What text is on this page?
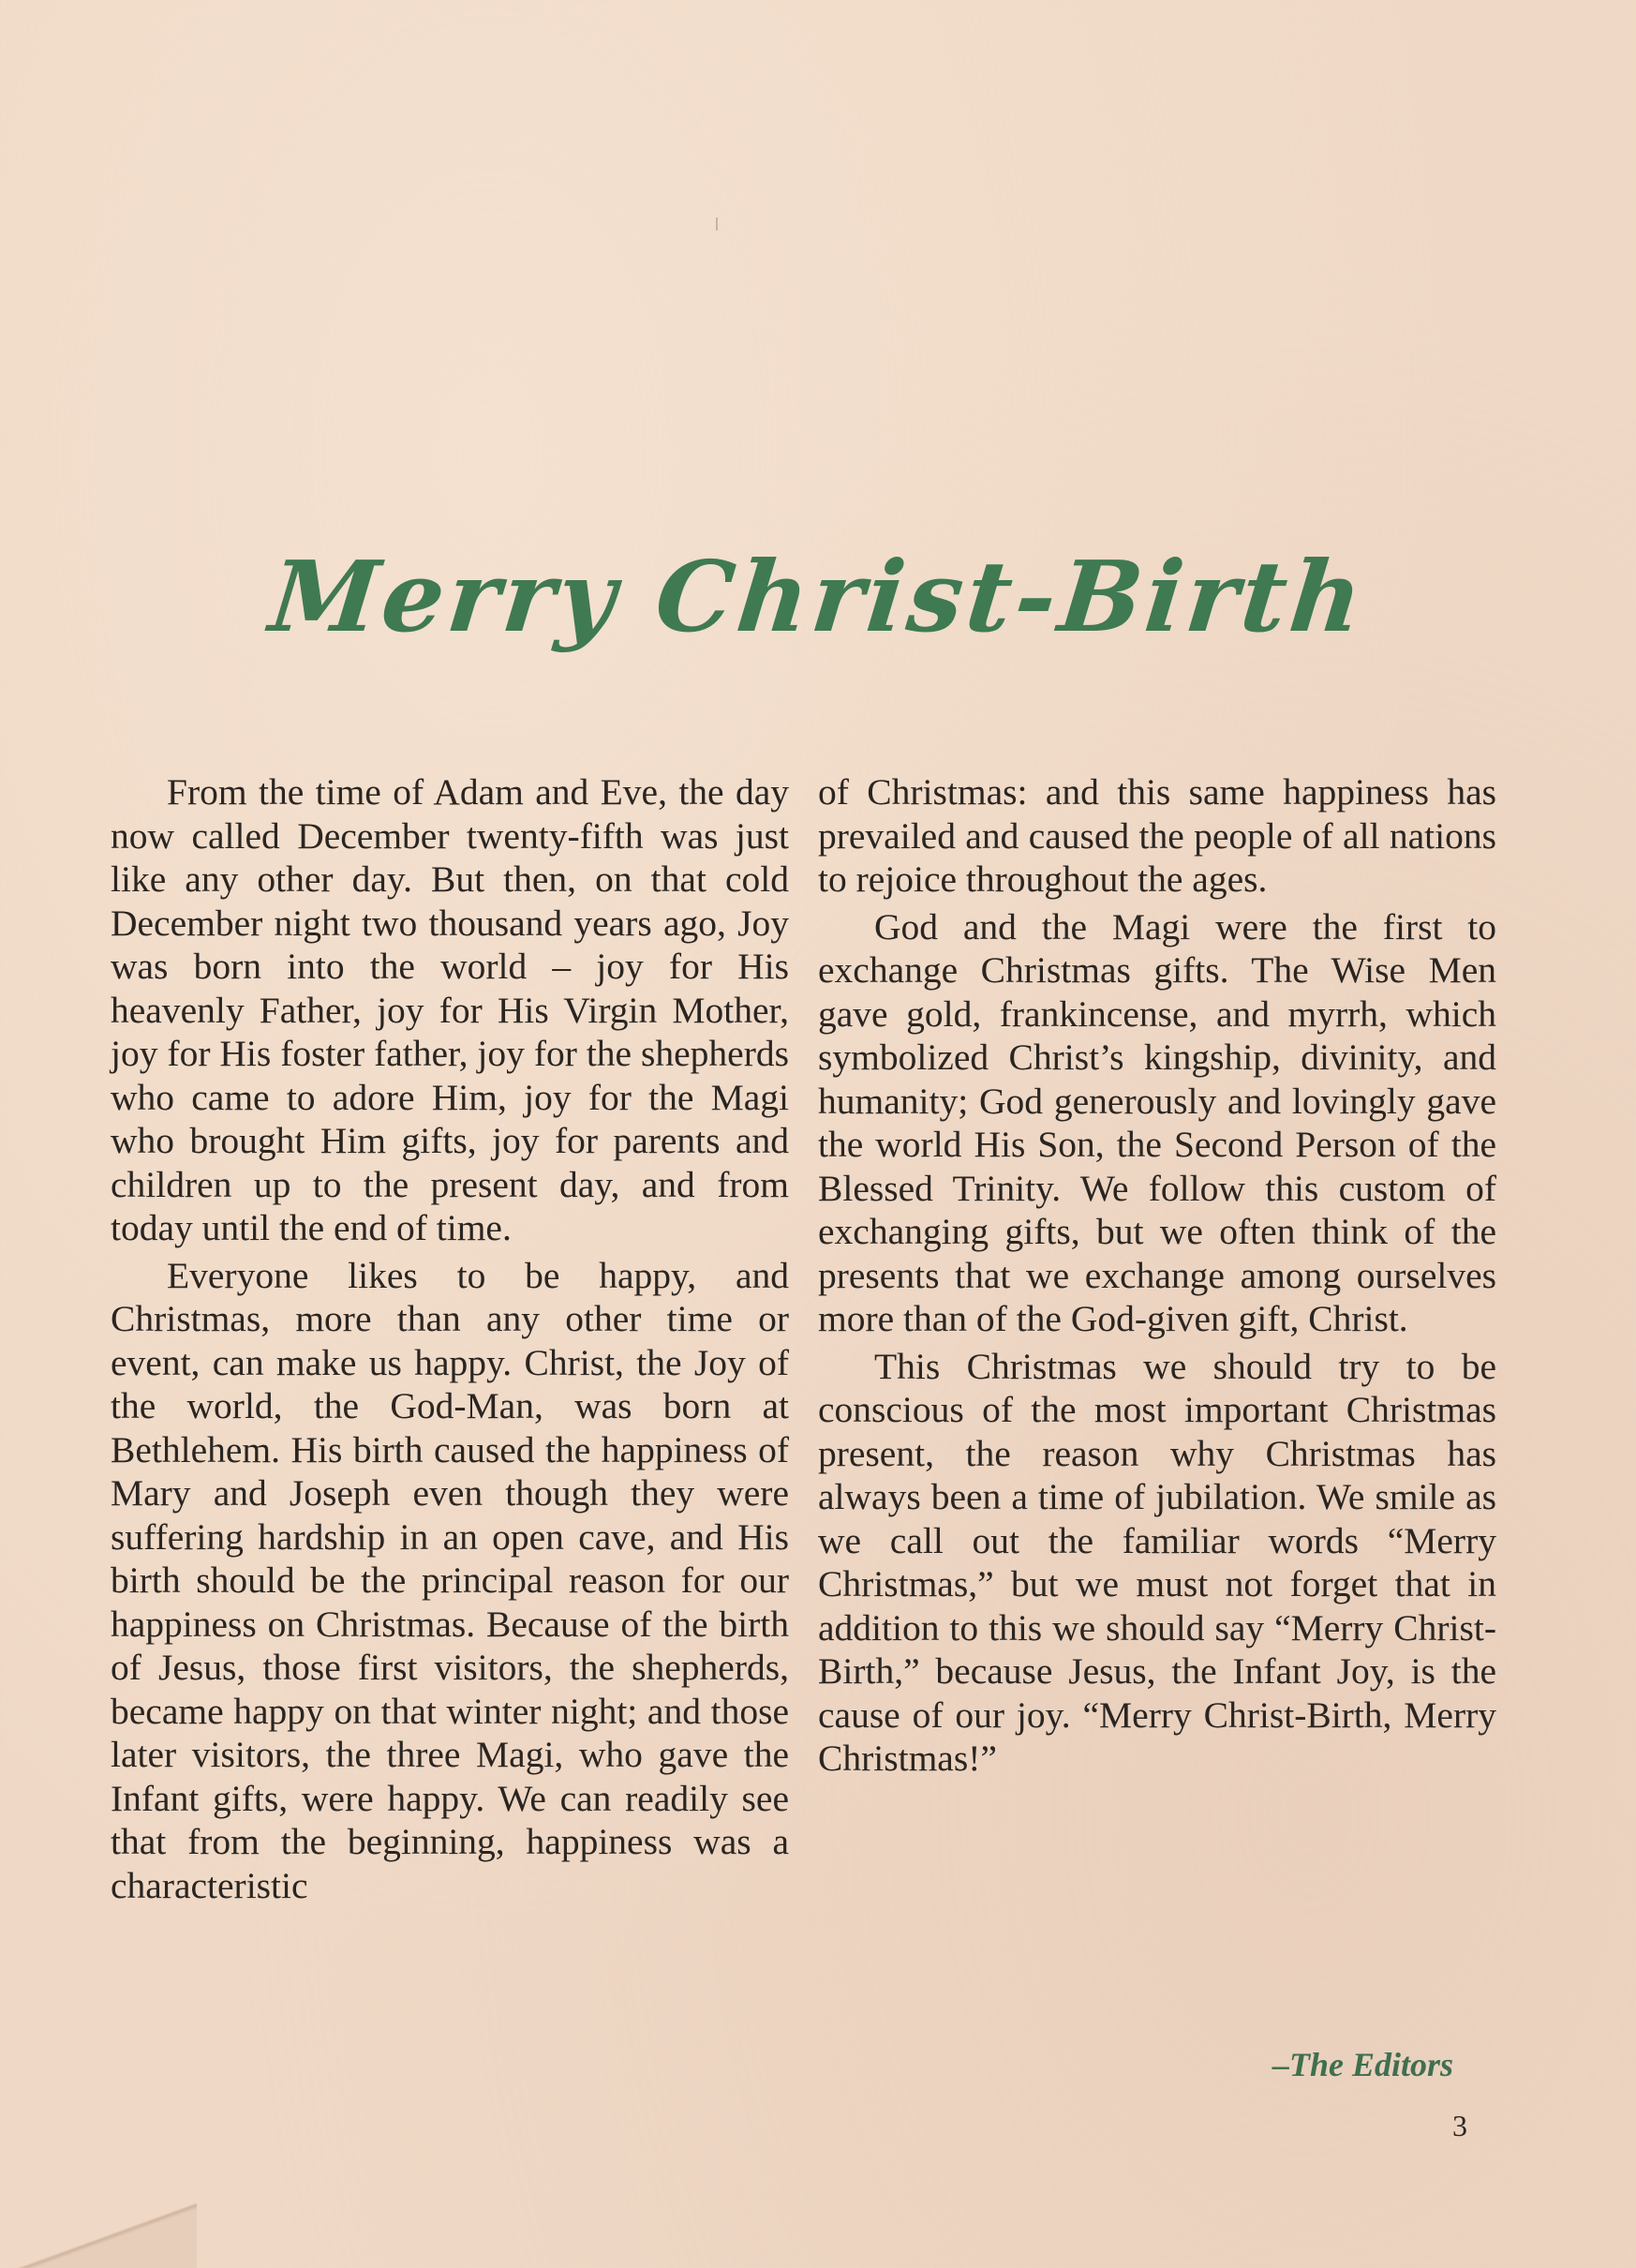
Merry Christ-Birth

From the time of Adam and Eve, the day now called December twenty-fifth was just like any other day. But then, on that cold December night two thousand years ago, Joy was born into the world – joy for His heavenly Father, joy for His Virgin Mother, joy for His foster father, joy for the shepherds who came to adore Him, joy for the Magi who brought Him gifts, joy for parents and children up to the present day, and from today until the end of time.

Everyone likes to be happy, and Christmas, more than any other time or event, can make us happy. Christ, the Joy of the world, the God-Man, was born at Bethlehem. His birth caused the happiness of Mary and Joseph even though they were suffering hardship in an open cave, and His birth should be the principal reason for our happiness on Christmas. Because of the birth of Jesus, those first visitors, the shepherds, became happy on that winter night; and those later visitors, the three Magi, who gave the Infant gifts, were happy. We can readily see that from the beginning, happiness was a characteristic

of Christmas: and this same happiness has prevailed and caused the people of all nations to rejoice throughout the ages.

God and the Magi were the first to exchange Christmas gifts. The Wise Men gave gold, frankincense, and myrrh, which symbolized Christ’s kingship, divinity, and humanity; God generously and lovingly gave the world His Son, the Second Person of the Blessed Trinity. We follow this custom of exchanging gifts, but we often think of the presents that we exchange among ourselves more than of the God-given gift, Christ.

This Christmas we should try to be conscious of the most important Christmas present, the reason why Christmas has always been a time of jubilation. We smile as we call out the familiar words “Merry Christmas,” but we must not forget that in addition to this we should say “Merry Christ-Birth,” because Jesus, the Infant Joy, is the cause of our joy. “Merry Christ-Birth, Merry Christmas!”

–The Editors
3
